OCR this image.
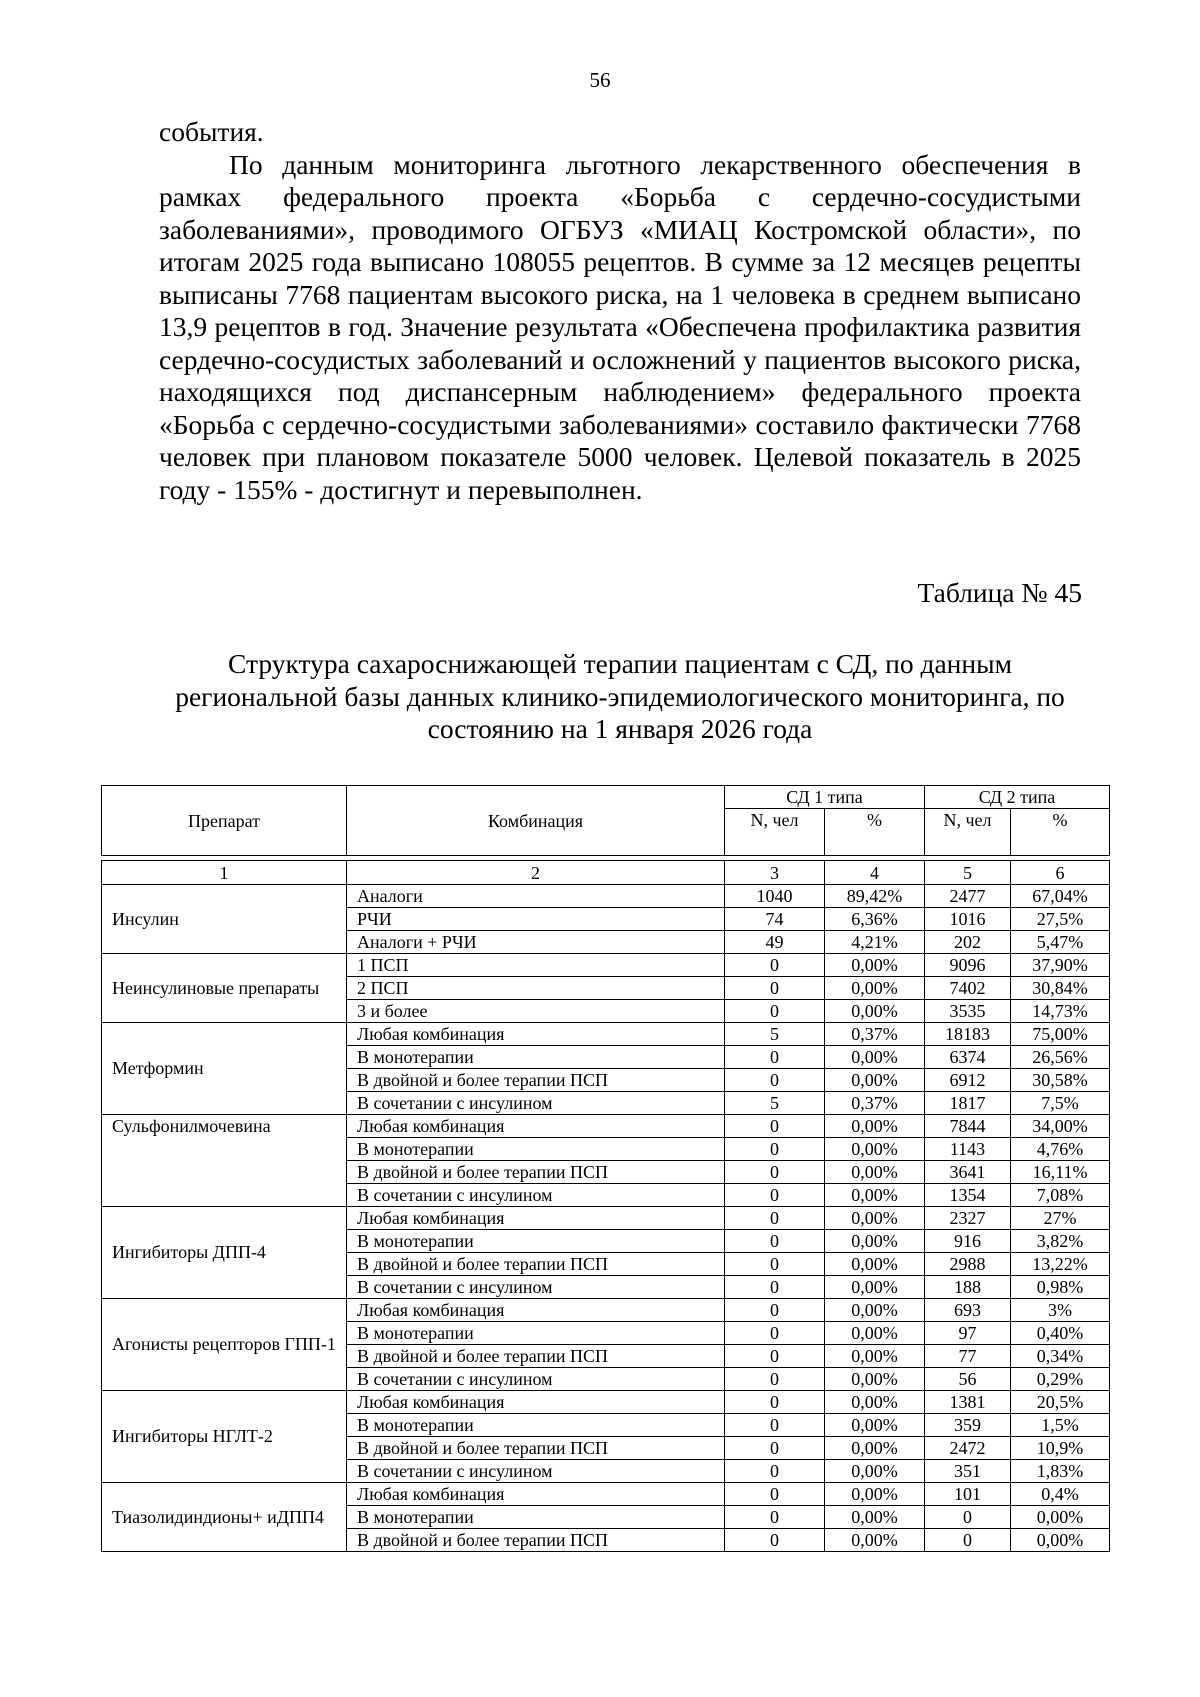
56

события.

По данным мониторинга льготного лекарственного обеспечения в рамках федерального проекта «Борьба с сердечно-сосудистыми заболеваниями», проводимого ОГБУЗ «МИАЦ Костромской области», по итогам 2025 года выписано 108055 рецептов. В сумме за 12 месяцев рецепты выписаны 7768 пациентам высокого риска, на 1 человека в среднем выписано 13,9 рецептов в год. Значение результата «Обеспечена профилактика развития сердечно-сосудистых заболеваний и осложнений у пациентов высокого риска, находящихся под диспансерным наблюдением» федерального проекта «Борьба с сердечно-сосудистыми заболеваниями» составило фактически 7768 человек при плановом показателе 5000 человек. Целевой показатель в 2025 году - 155% - достигнут и перевыполнен.

Таблица № 45
Структура сахароснижающей терапии пациентам с СД, по данным региональной базы данных клинико-эпидемиологического мониторинга, по состоянию на 1 января 2026 года
Препарат	Комбинация	СД 1 типа		СД 2 типа	
		N, чел	%	N, чел	%

1	2	3	4	5	6
Инсулин	Аналоги	1040	89,42%	2477	67,04%
	РЧИ	74	6,36%	1016	27,5%
	Аналоги + РЧИ	49	4,21%	202	5,47%
Неинсулиновые препараты	1 ПСП	0	0,00%	9096	37,90%
	2 ПСП	0	0,00%	7402	30,84%
	3 и более	0	0,00%	3535	14,73%
Метформин	Любая комбинация	5	0,37%	18183	75,00%
	В монотерапии	0	0,00%	6374	26,56%
	В двойной и более терапии ПСП	0	0,00%	6912	30,58%
	В сочетании с инсулином	5	0,37%	1817	7,5%
Сульфонилмочевина	Любая комбинация	0	0,00%	7844	34,00%
	В монотерапии	0	0,00%	1143	4,76%
	В двойной и более терапии ПСП	0	0,00%	3641	16,11%
	В сочетании с инсулином	0	0,00%	1354	7,08%
Ингибиторы ДПП-4	Любая комбинация	0	0,00%	2327	27%
	В монотерапии	0	0,00%	916	3,82%
	В двойной и более терапии ПСП	0	0,00%	2988	13,22%
	В сочетании с инсулином	0	0,00%	188	0,98%
Агонисты рецепторов ГПП-1	Любая комбинация	0	0,00%	693	3%
	В монотерапии	0	0,00%	97	0,40%
	В двойной и более терапии ПСП	0	0,00%	77	0,34%
	В сочетании с инсулином	0	0,00%	56	0,29%
Ингибиторы НГЛТ-2	Любая комбинация	0	0,00%	1381	20,5%
	В монотерапии	0	0,00%	359	1,5%
	В двойной и более терапии ПСП	0	0,00%	2472	10,9%
	В сочетании с инсулином	0	0,00%	351	1,83%
Тиазолидиндионы+ иДПП4	Любая комбинация	0	0,00%	101	0,4%
	В монотерапии	0	0,00%	0	0,00%
	В двойной и более терапии ПСП	0	0,00%	0	0,00%
